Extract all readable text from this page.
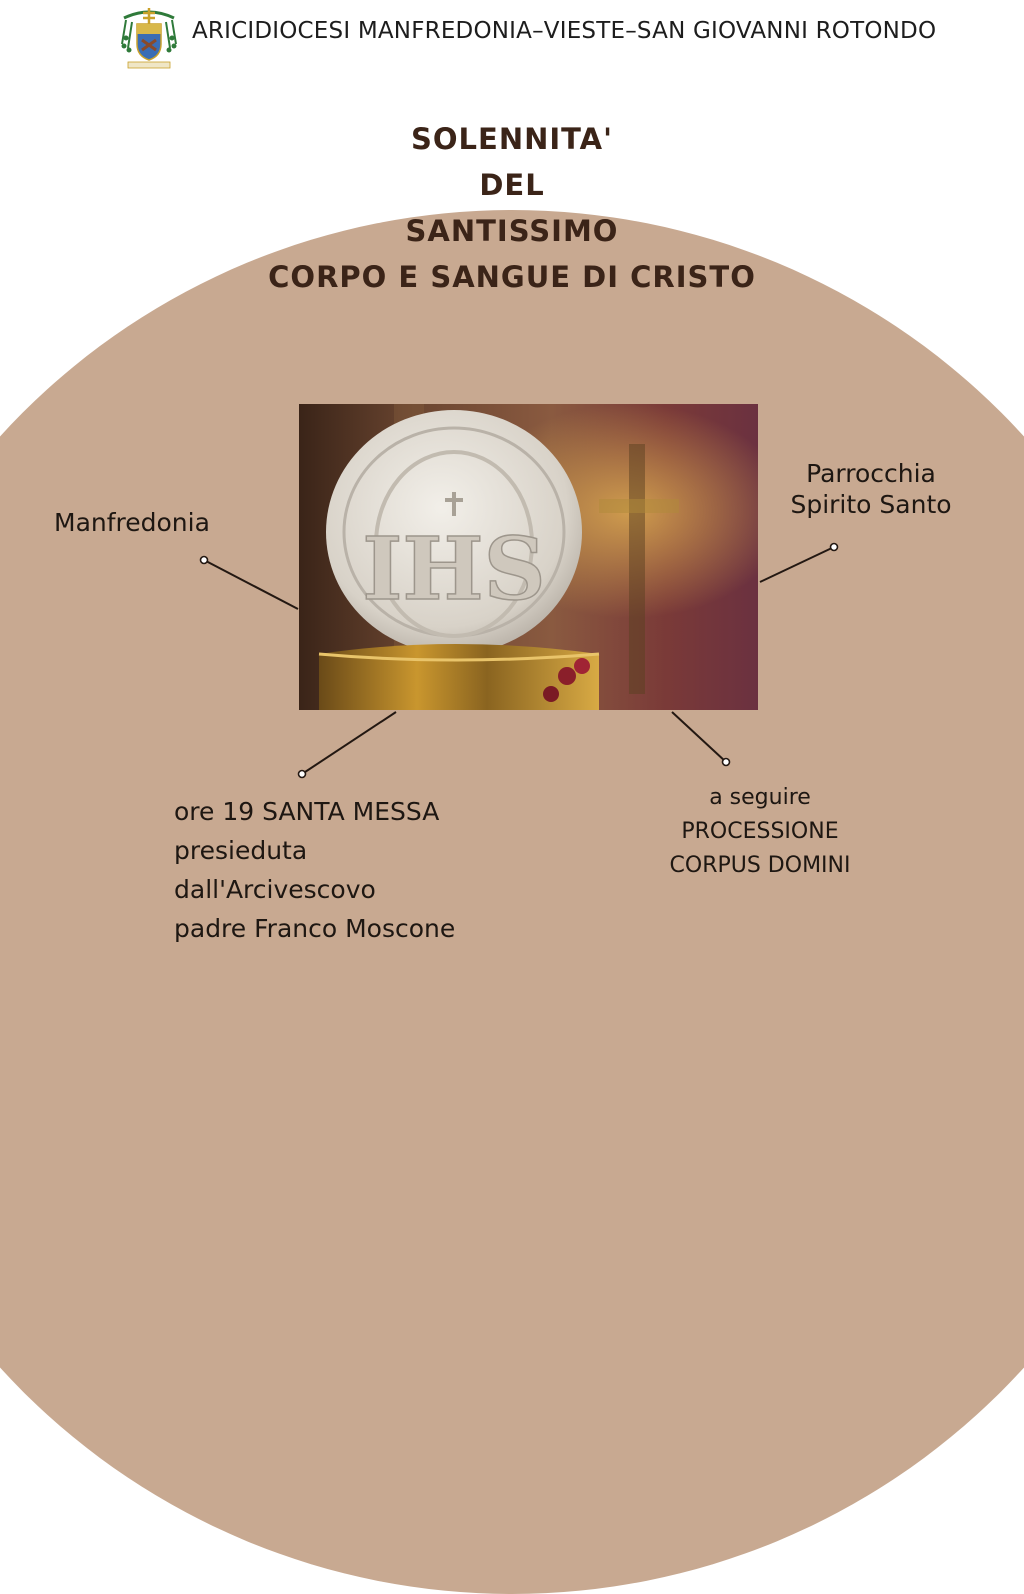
ARICIDIOCESI MANFREDONIA–VIESTE–SAN GIOVANNI ROTONDO
SOLENNITA'
DEL
SANTISSIMO
CORPO E SANGUE DI CRISTO
IHS
Manfredonia
Parrocchia
Spirito Santo
ore 19 SANTA MESSA
presieduta
dall'Arcivescovo
padre Franco Moscone
a seguire
PROCESSIONE
CORPUS DOMINI
